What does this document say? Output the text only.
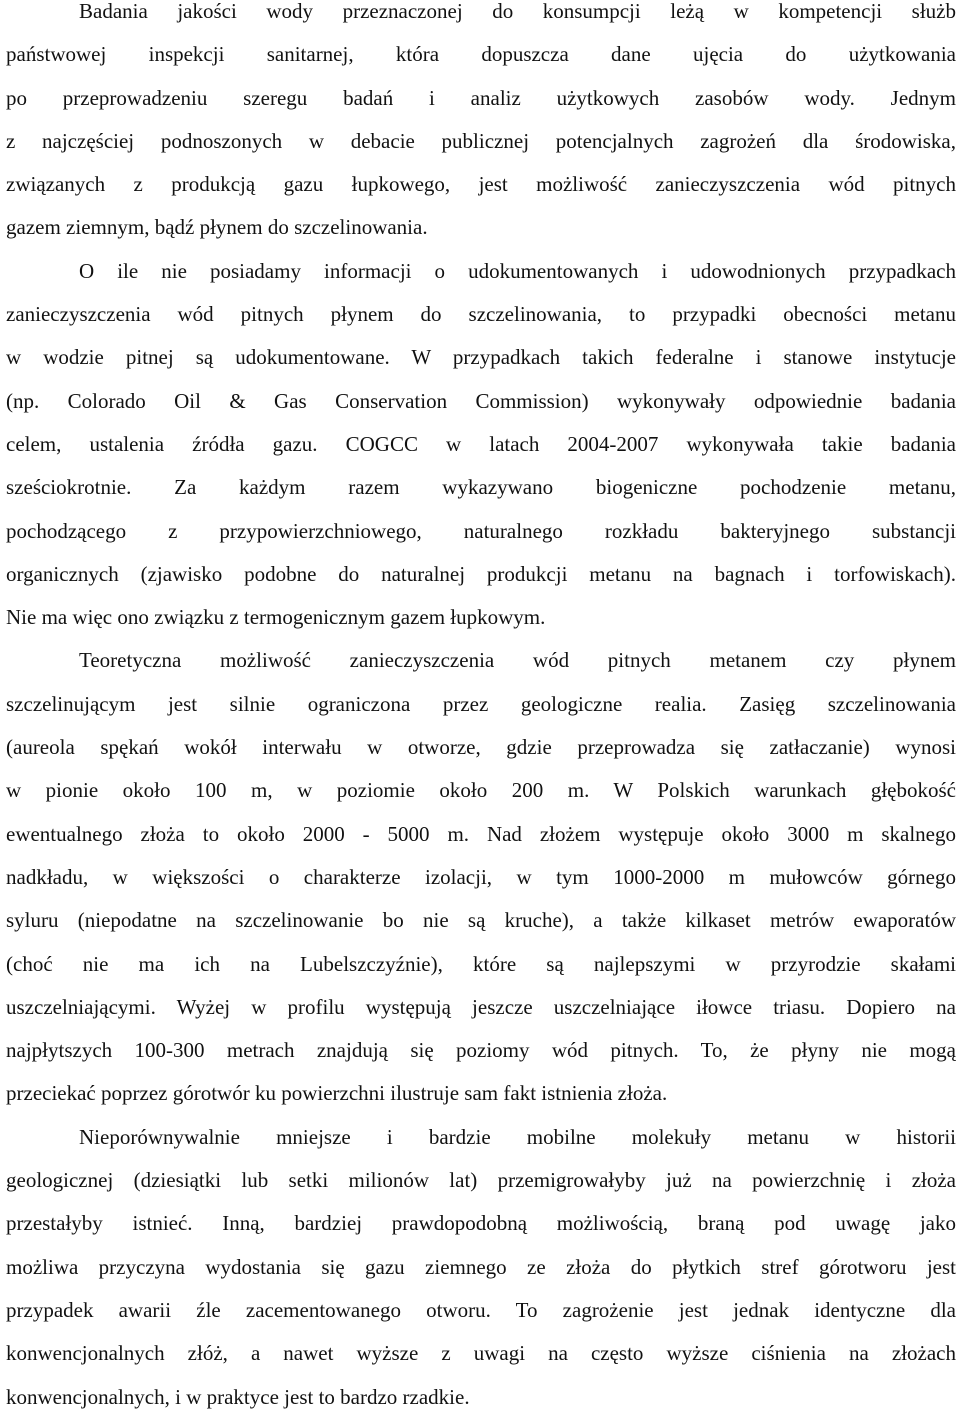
Badania jakości wody przeznaczonej do konsumpcji leżą w kompetencji służb
państwowej inspekcji sanitarnej, która dopuszcza dane ujęcia do użytkowania
po przeprowadzeniu szeregu badań i analiz użytkowych zasobów wody. Jednym
z najczęściej podnoszonych w debacie publicznej potencjalnych zagrożeń dla środowiska,
związanych z produkcją gazu łupkowego, jest możliwość zanieczyszczenia wód pitnych
gazem ziemnym, bądź płynem do szczelinowania.
O ile nie posiadamy informacji o udokumentowanych i udowodnionych przypadkach
zanieczyszczenia wód pitnych płynem do szczelinowania, to przypadki obecności metanu
w wodzie pitnej są udokumentowane. W przypadkach takich federalne i stanowe instytucje
(np. Colorado Oil & Gas Conservation Commission) wykonywały odpowiednie badania
celem, ustalenia źródła gazu. COGCC w latach 2004-2007 wykonywała takie badania
sześciokrotnie. Za każdym razem wykazywano biogeniczne pochodzenie metanu,
pochodzącego z przypowierzchniowego, naturalnego rozkładu bakteryjnego substancji
organicznych (zjawisko podobne do naturalnej produkcji metanu na bagnach i torfowiskach).
Nie ma więc ono związku z termogenicznym gazem łupkowym.
Teoretyczna możliwość zanieczyszczenia wód pitnych metanem czy płynem
szczelinującym jest silnie ograniczona przez geologiczne realia. Zasięg szczelinowania
(aureola spękań wokół interwału w otworze, gdzie przeprowadza się zatłaczanie) wynosi
w pionie około 100 m, w poziomie około 200 m. W Polskich warunkach głębokość
ewentualnego złoża to około 2000 - 5000 m. Nad złożem występuje około 3000 m skalnego
nadkładu, w większości o charakterze izolacji, w tym 1000-2000 m mułowców górnego
syluru (niepodatne na szczelinowanie bo nie są kruche), a także kilkaset metrów ewaporatów
(choć nie ma ich na Lubelszczyźnie), które są najlepszymi w przyrodzie skałami
uszczelniającymi. Wyżej w profilu występują jeszcze uszczelniające iłowce triasu. Dopiero na
najpłytszych 100-300 metrach znajdują się poziomy wód pitnych. To, że płyny nie mogą
przeciekać poprzez górotwór ku powierzchni ilustruje sam fakt istnienia złoża.
Nieporównywalnie mniejsze i bardzie mobilne molekuły metanu w historii
geologicznej (dziesiątki lub setki milionów lat) przemigrowałyby już na powierzchnię i złoża
przestałyby istnieć. Inną, bardziej prawdopodobną możliwością, braną pod uwagę jako
możliwa przyczyna wydostania się gazu ziemnego ze złoża do płytkich stref górotworu jest
przypadek awarii źle zacementowanego otworu. To zagrożenie jest jednak identyczne dla
konwencjonalnych złóż, a nawet wyższe z uwagi na często wyższe ciśnienia na złożach
konwencjonalnych, i w praktyce jest to bardzo rzadkie.
